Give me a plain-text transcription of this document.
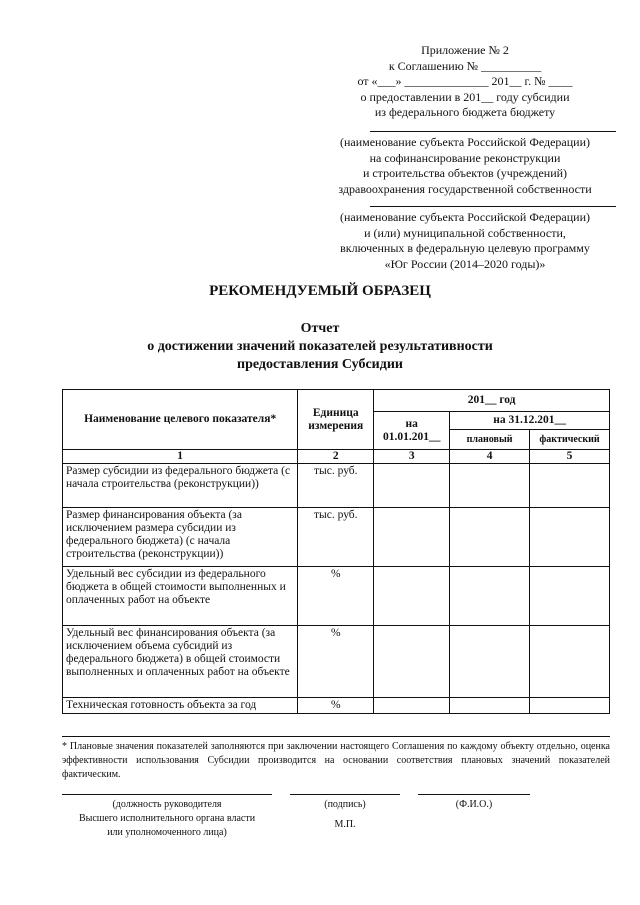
Приложение № 2
к Соглашению № __________
от «___» ______________ 201__ г. № ____
о предоставлении в 201__ году субсидии
из федерального бюджета бюджету
(наименование субъекта Российской Федерации)
на софинансирование реконструкции
и строительства объектов (учреждений)
здравоохранения государственной собственности
(наименование субъекта Российской Федерации)
и (или) муниципальной собственности,
включенных в федеральную целевую программу
«Юг России (2014–2020 годы)»
РЕКОМЕНДУЕМЫЙ ОБРАЗЕЦ
Отчет
о достижении значений показателей результативности
предоставления Субсидии
Наименование целевого показателя*	Единица измерения	201__ год		
		на 01.01.201__	на 31.12.201__	
			плановый	фактический
1	2	3	4	5
Размер субсидии из федерального бюджета (с начала строительства (реконструкции))	тыс. руб.			
Размер финансирования объекта (за исключением размера субсидии из федерального бюджета) (с начала строительства (реконструкции))	тыс. руб.			
Удельный вес субсидии из федерального бюджета в общей стоимости выполненных и оплаченных работ на объекте	%			
Удельный вес финансирования объекта (за исключением объема субсидий из федерального бюджета) в общей стоимости выполненных и оплаченных работ на объекте	%			
Техническая готовность объекта за год	%			
* Плановые значения показателей заполняются при заключении настоящего Соглашения по каждому объекту отдельно, оценка эффективности использования Субсидии производится на основании соответствия плановых значений показателей фактическим.
(должность руководителя
Высшего исполнительного органа власти
или уполномоченного лица)
(подпись)
М.П.
(Ф.И.О.)
